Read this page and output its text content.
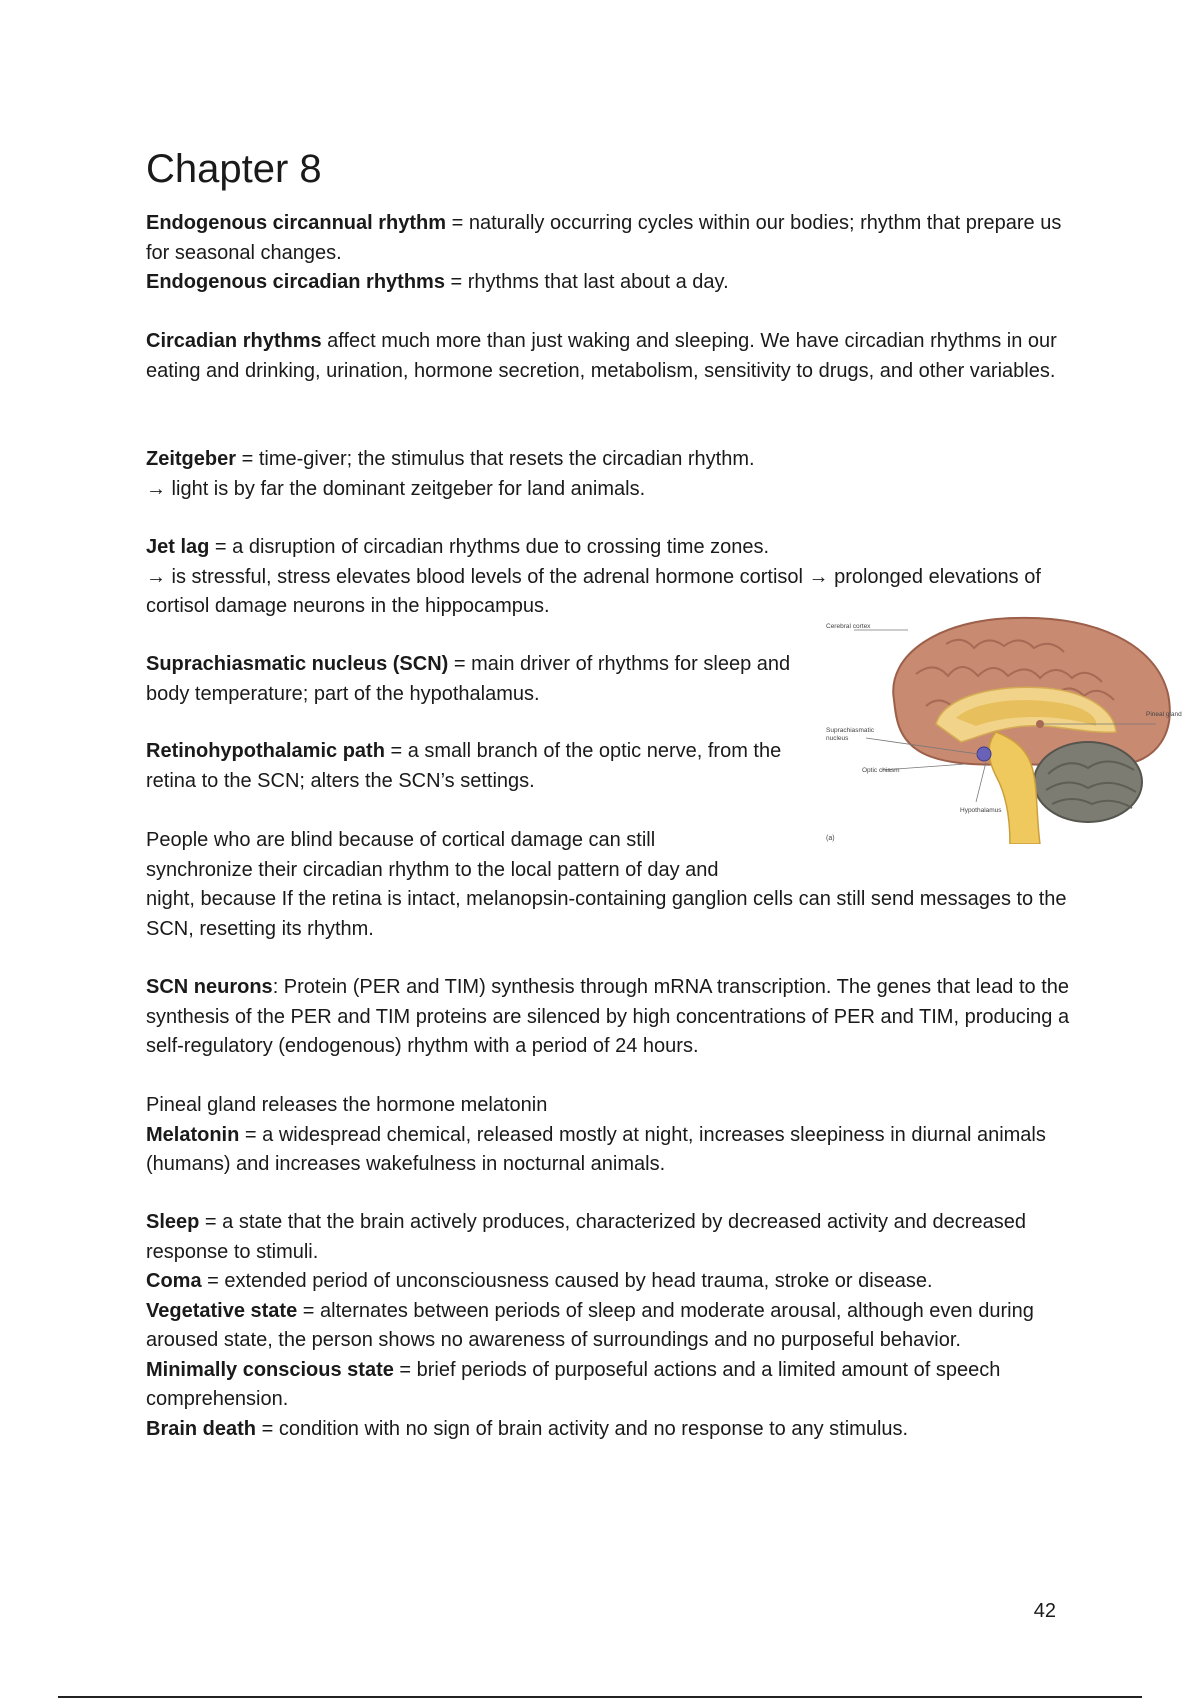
Chapter 8

Endogenous circannual rhythm = naturally occurring cycles within our bodies; rhythm that prepare us for seasonal changes.

Endogenous circadian rhythms = rhythms that last about a day.

Circadian rhythms affect much more than just waking and sleeping. We have circadian rhythms in our eating and drinking, urination, hormone secretion, metabolism, sensitivity to drugs, and other variables.

Zeitgeber = time-giver; the stimulus that resets the circadian rhythm.
→ light is by far the dominant zeitgeber for land animals.

Jet lag = a disruption of circadian rhythms due to crossing time zones.
→ is stressful, stress elevates blood levels of the adrenal hormone cortisol → prolonged elevations of cortisol damage neurons in the hippocampus.

Suprachiasmatic nucleus (SCN) = main driver of rhythms for sleep and body temperature; part of the hypothalamus.

Retinohypothalamic path = a small branch of the optic nerve, from the retina to the SCN; alters the SCN’s settings.

People who are blind because of cortical damage can still
synchronize their circadian rhythm to the local pattern of day and
night, because If the retina is intact, melanopsin-containing ganglion cells can still send messages to the SCN, resetting its rhythm.

SCN neurons: Protein (PER and TIM) synthesis through mRNA transcription. The genes that lead to the synthesis of the PER and TIM proteins are silenced by high concentrations of PER and TIM, producing a self-regulatory (endogenous) rhythm with a period of 24 hours.

Pineal gland releases the hormone melatonin
Melatonin = a widespread chemical, released mostly at night, increases sleepiness in diurnal animals (humans) and increases wakefulness in nocturnal animals.

Sleep = a state that the brain actively produces, characterized by decreased activity and decreased response to stimuli.
Coma = extended period of unconsciousness caused by head trauma, stroke or disease.
Vegetative state = alternates between periods of sleep and moderate arousal, although even during aroused state, the person shows no awareness of surroundings and no purposeful behavior.
Minimally conscious state = brief periods of purposeful actions and a limited amount of speech comprehension.
Brain death = condition with no sign of brain activity and no response to any stimulus.

Cerebral cortex
Pineal gland
Suprachiasmatic
nucleus
Optic chiasm
Hypothalamus
(a)
42
